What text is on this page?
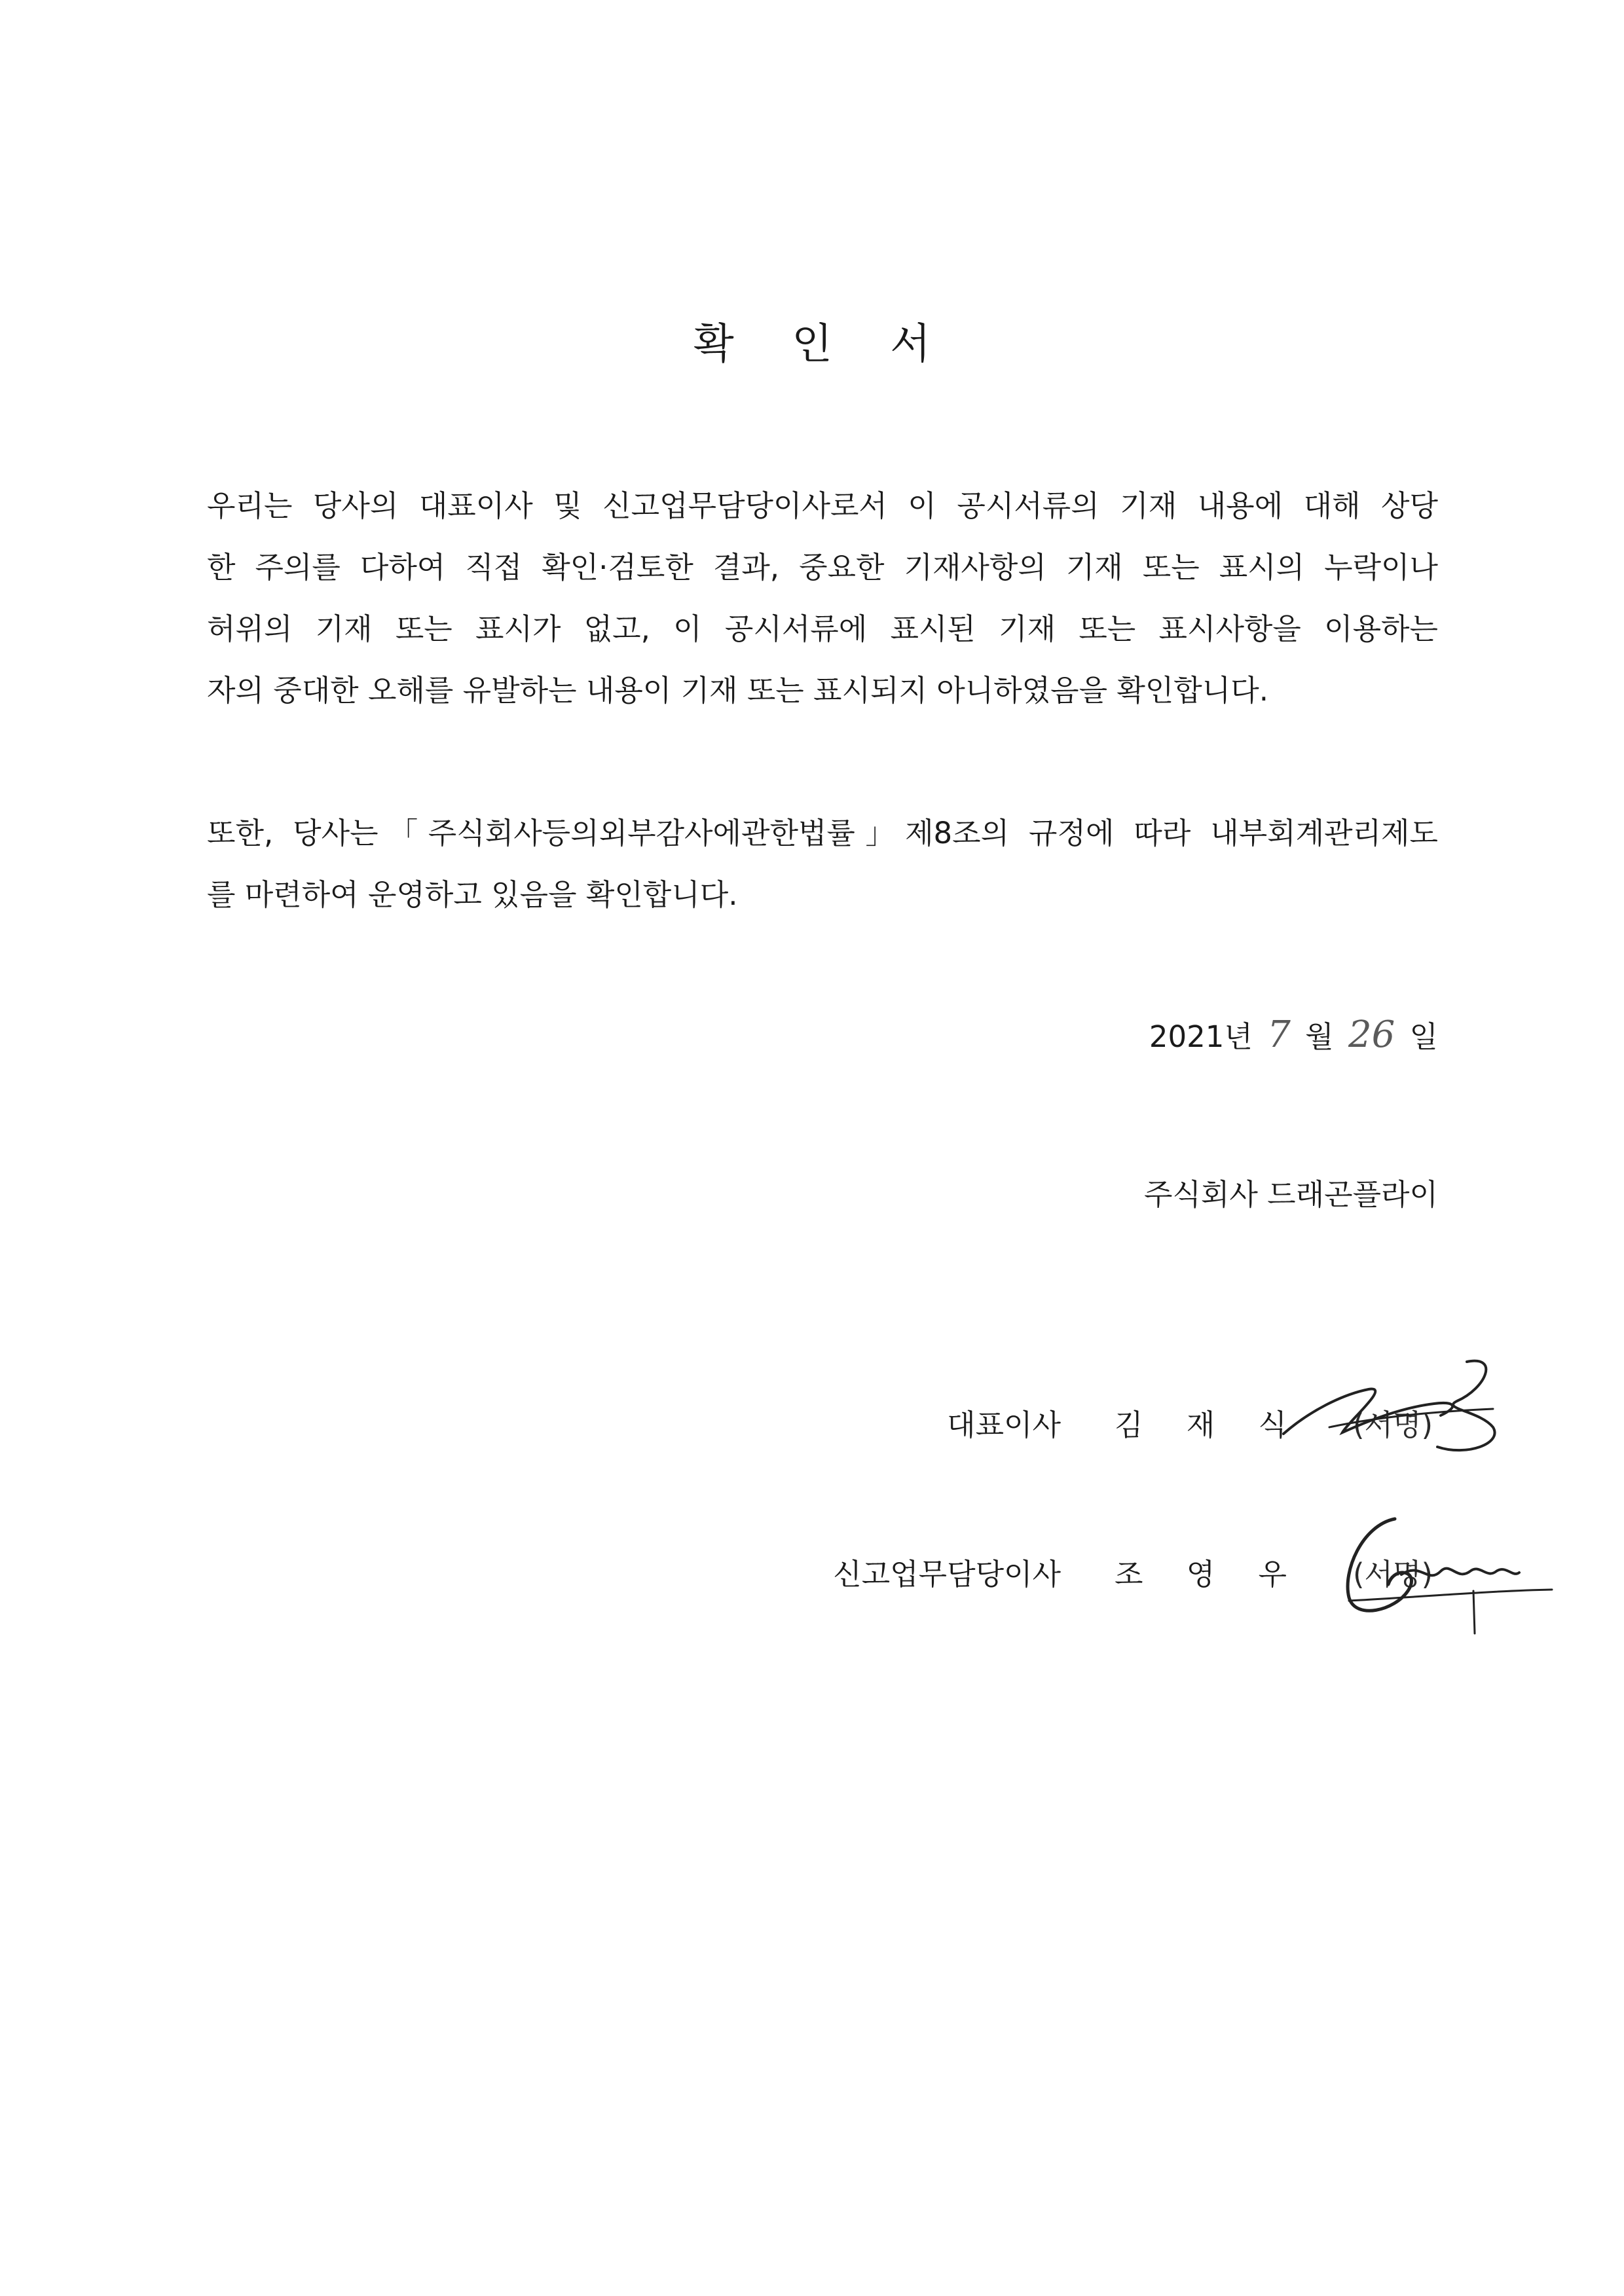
확 인 서
우리는 당사의 대표이사 및 신고업무담당이사로서 이 공시서류의 기재 내용에 대해 상당
한 주의를 다하여 직접 확인·검토한 결과, 중요한 기재사항의 기재 또는 표시의 누락이나
허위의 기재 또는 표시가 없고, 이 공시서류에 표시된 기재 또는 표시사항을 이용하는
자의 중대한 오해를 유발하는 내용이 기재 또는 표시되지 아니하였음을 확인합니다.
또한, 당사는「주식회사등의외부감사에관한법률」제8조의 규정에 따라 내부회계관리제도
를 마련하여 운영하고 있음을 확인합니다.
2021년 7 월 26 일
주식회사 드래곤플라이
대표이사 김 재 식 (서명)
신고업무담당이사 조 영 우 (서명)
